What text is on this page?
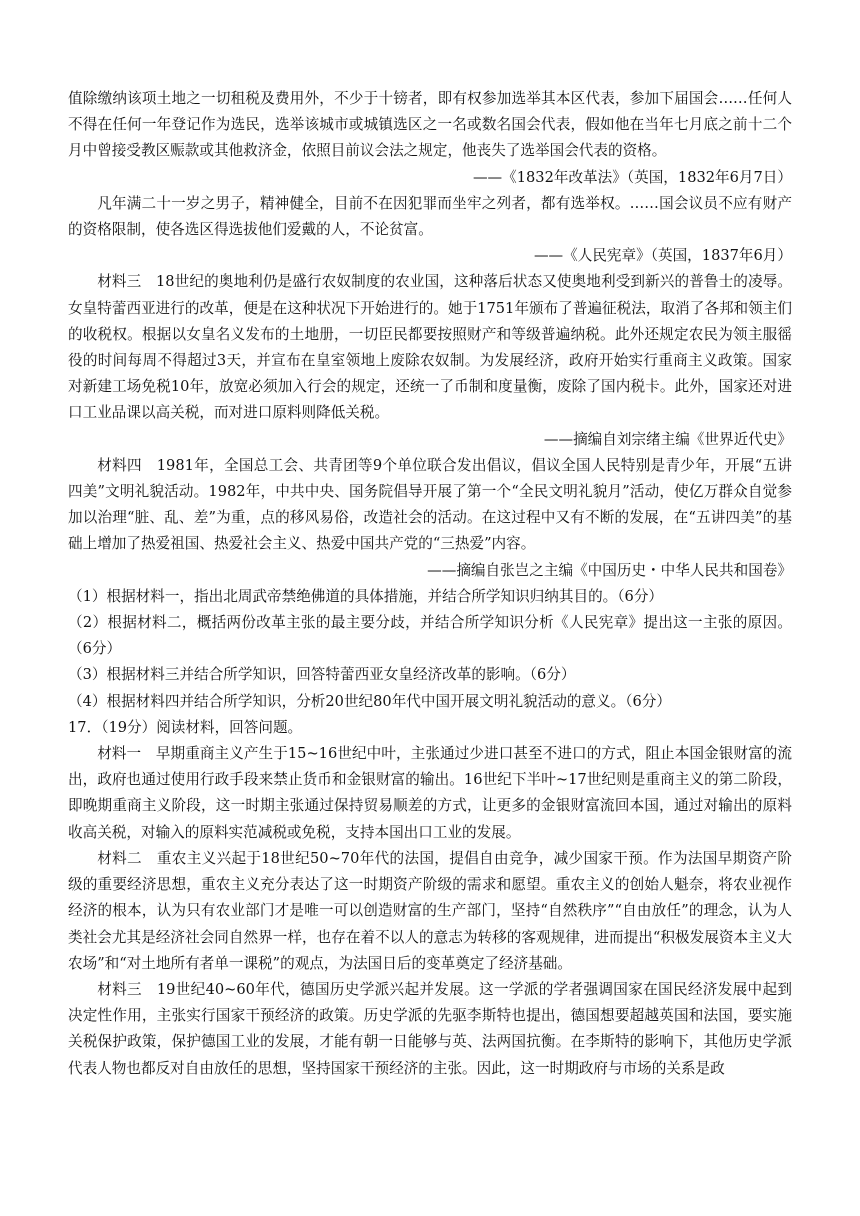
值除缴纳该项土地之一切租税及费用外，不少于十镑者，即有权参加选举其本区代表，参加下届国会……任何人不得在任何一年登记作为选民，选举该城市或城镇选区之一名或数名国会代表，假如他在当年七月底之前十二个月中曾接受教区赈款或其他救济金，依照目前议会法之规定，他丧失了选举国会代表的资格。

——《1832年改革法》（英国，1832年6月7日）

凡年满二十一岁之男子，精神健全，目前不在因犯罪而坐牢之列者，都有选举权。……国会议员不应有财产的资格限制，使各选区得选拔他们爱戴的人，不论贫富。

——《人民宪章》（英国，1837年6月）

材料三　18世纪的奥地利仍是盛行农奴制度的农业国，这种落后状态又使奥地利受到新兴的普鲁士的凌辱。女皇特蕾西亚进行的改革，便是在这种状况下开始进行的。她于1751年颁布了普遍征税法，取消了各邦和领主们的收税权。根据以女皇名义发布的土地册，一切臣民都要按照财产和等级普遍纳税。此外还规定农民为领主服徭役的时间每周不得超过3天，并宣布在皇室领地上废除农奴制。为发展经济，政府开始实行重商主义政策。国家对新建工场免税10年，放宽必须加入行会的规定，还统一了币制和度量衡，废除了国内税卡。此外，国家还对进口工业品课以高关税，而对进口原料则降低关税。

——摘编自刘宗绪主编《世界近代史》

材料四　1981年，全国总工会、共青团等9个单位联合发出倡议，倡议全国人民特别是青少年，开展“五讲四美”文明礼貌活动。1982年，中共中央、国务院倡导开展了第一个“全民文明礼貌月”活动，使亿万群众自觉参加以治理“脏、乱、差”为重，点的移风易俗，改造社会的活动。在这过程中又有不断的发展，在“五讲四美”的基础上增加了热爱祖国、热爱社会主义、热爱中国共产党的“三热爱”内容。

——摘编自张岂之主编《中国历史・中华人民共和国卷》

（1）根据材料一，指出北周武帝禁绝佛道的具体措施，并结合所学知识归纳其目的。（6分）

（2）根据材料二，概括两份改革主张的最主要分歧，并结合所学知识分析《人民宪章》提出这一主张的原因。（6分）

（3）根据材料三并结合所学知识，回答特蕾西亚女皇经济改革的影响。（6分）

（4）根据材料四并结合所学知识，分析20世纪80年代中国开展文明礼貌活动的意义。（6分）

17．（19分）阅读材料，回答问题。

材料一　早期重商主义产生于15~16世纪中叶，主张通过少进口甚至不进口的方式，阻止本国金银财富的流出，政府也通过使用行政手段来禁止货币和金银财富的输出。16世纪下半叶~17世纪则是重商主义的第二阶段，即晚期重商主义阶段，这一时期主张通过保持贸易顺差的方式，让更多的金银财富流回本国，通过对输出的原料收高关税，对输入的原料实范减税或免税，支持本国出口工业的发展。

材料二　重农主义兴起于18世纪50~70年代的法国，提倡自由竞争，减少国家干预。作为法国早期资产阶级的重要经济思想，重农主义充分表达了这一时期资产阶级的需求和愿望。重农主义的创始人魁奈，将农业视作经济的根本，认为只有农业部门才是唯一可以创造财富的生产部门，坚持“自然秩序”“自由放任”的理念，认为人类社会尤其是经济社会同自然界一样，也存在着不以人的意志为转移的客观规律，进而提出“积极发展资本主义大农场”和“对土地所有者单一课税”的观点，为法国日后的变革奠定了经济基础。

材料三　19世纪40~60年代，德国历史学派兴起并发展。这一学派的学者强调国家在国民经济发展中起到决定性作用，主张实行国家干预经济的政策。历史学派的先驱李斯特也提出，德国想要超越英国和法国，要实施关税保护政策，保护德国工业的发展，才能有朝一日能够与英、法两国抗衡。在李斯特的影响下，其他历史学派代表人物也都反对自由放任的思想，坚持国家干预经济的主张。因此，这一时期政府与市场的关系是政
